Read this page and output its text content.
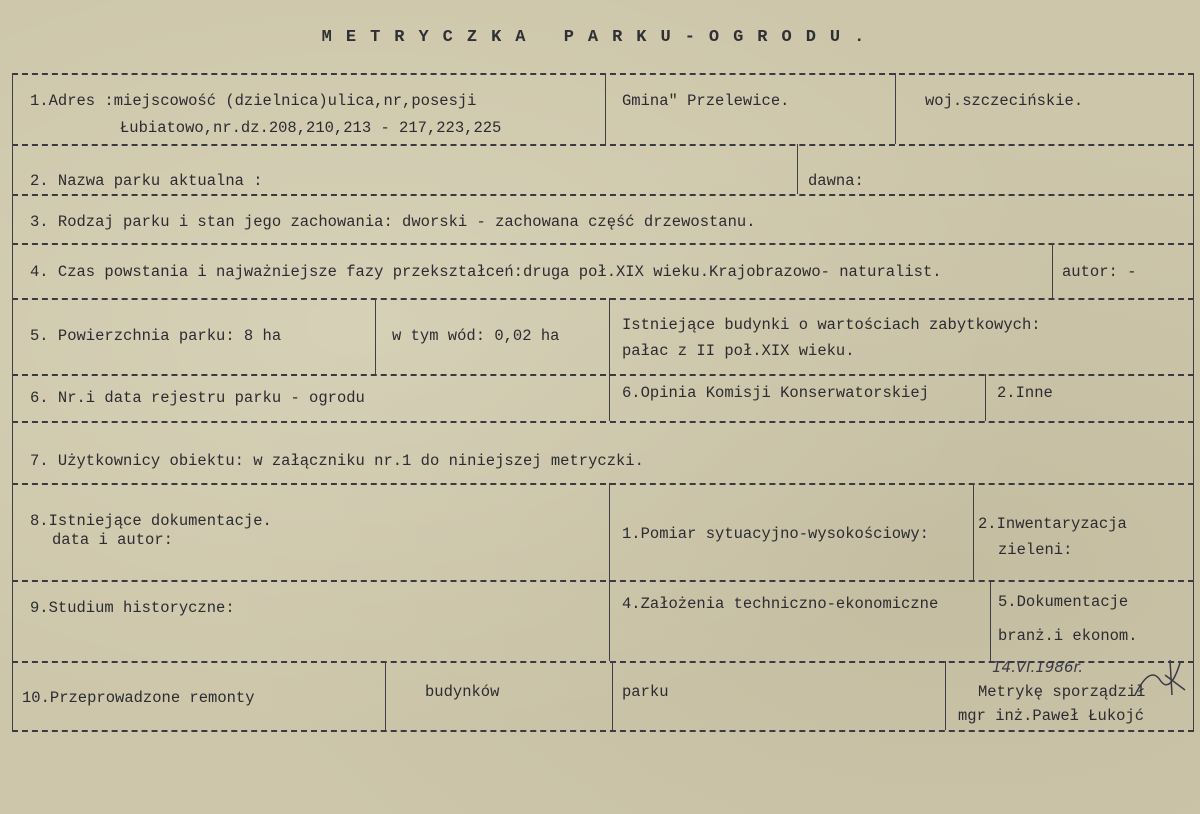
METRYCZKA PARKU-OGRODU.
1.Adres :miejscowość (dzielnica)ulica,nr,posesji
Łubiatowo,nr.dz.208,210,213 - 217,223,225
Gmina" Przelewice.	woj.szczecińskie.
2. Nazwa parku aktualna :	dawna:
3. Rodzaj parku i stan jego zachowania: dworski - zachowana część drzewostanu.
4. Czas powstania i najważniejsze fazy przekształceń:druga poł.XIX wieku.Krajobrazowo- naturalist.	autor: -
5. Powierzchnia parku: 8 ha	w tym wód: 0,02 ha
Istniejące budynki o wartościach zabytkowych:
pałac z II poł.XIX wieku.
6. Nr.i data rejestru parku - ogrodu	6.Opinia Komisji Konserwatorskiej	2.Inne
7. Użytkownicy obiektu: w załączniku nr.1 do niniejszej metryczki.
8.Istniejące dokumentacje.
data i autor:	1.Pomiar sytuacyjno-wysokościowy:
2.Inwentaryzacja
zieleni:
9.Studium historyczne:	4.Założenia techniczno-ekonomiczne	5.Dokumentacje
branż.i ekonom.
10.Przeprowadzone remonty	budynków	parku
14.VI.1986r.
Metrykę sporządził
mgr inż.Paweł Łukojć
